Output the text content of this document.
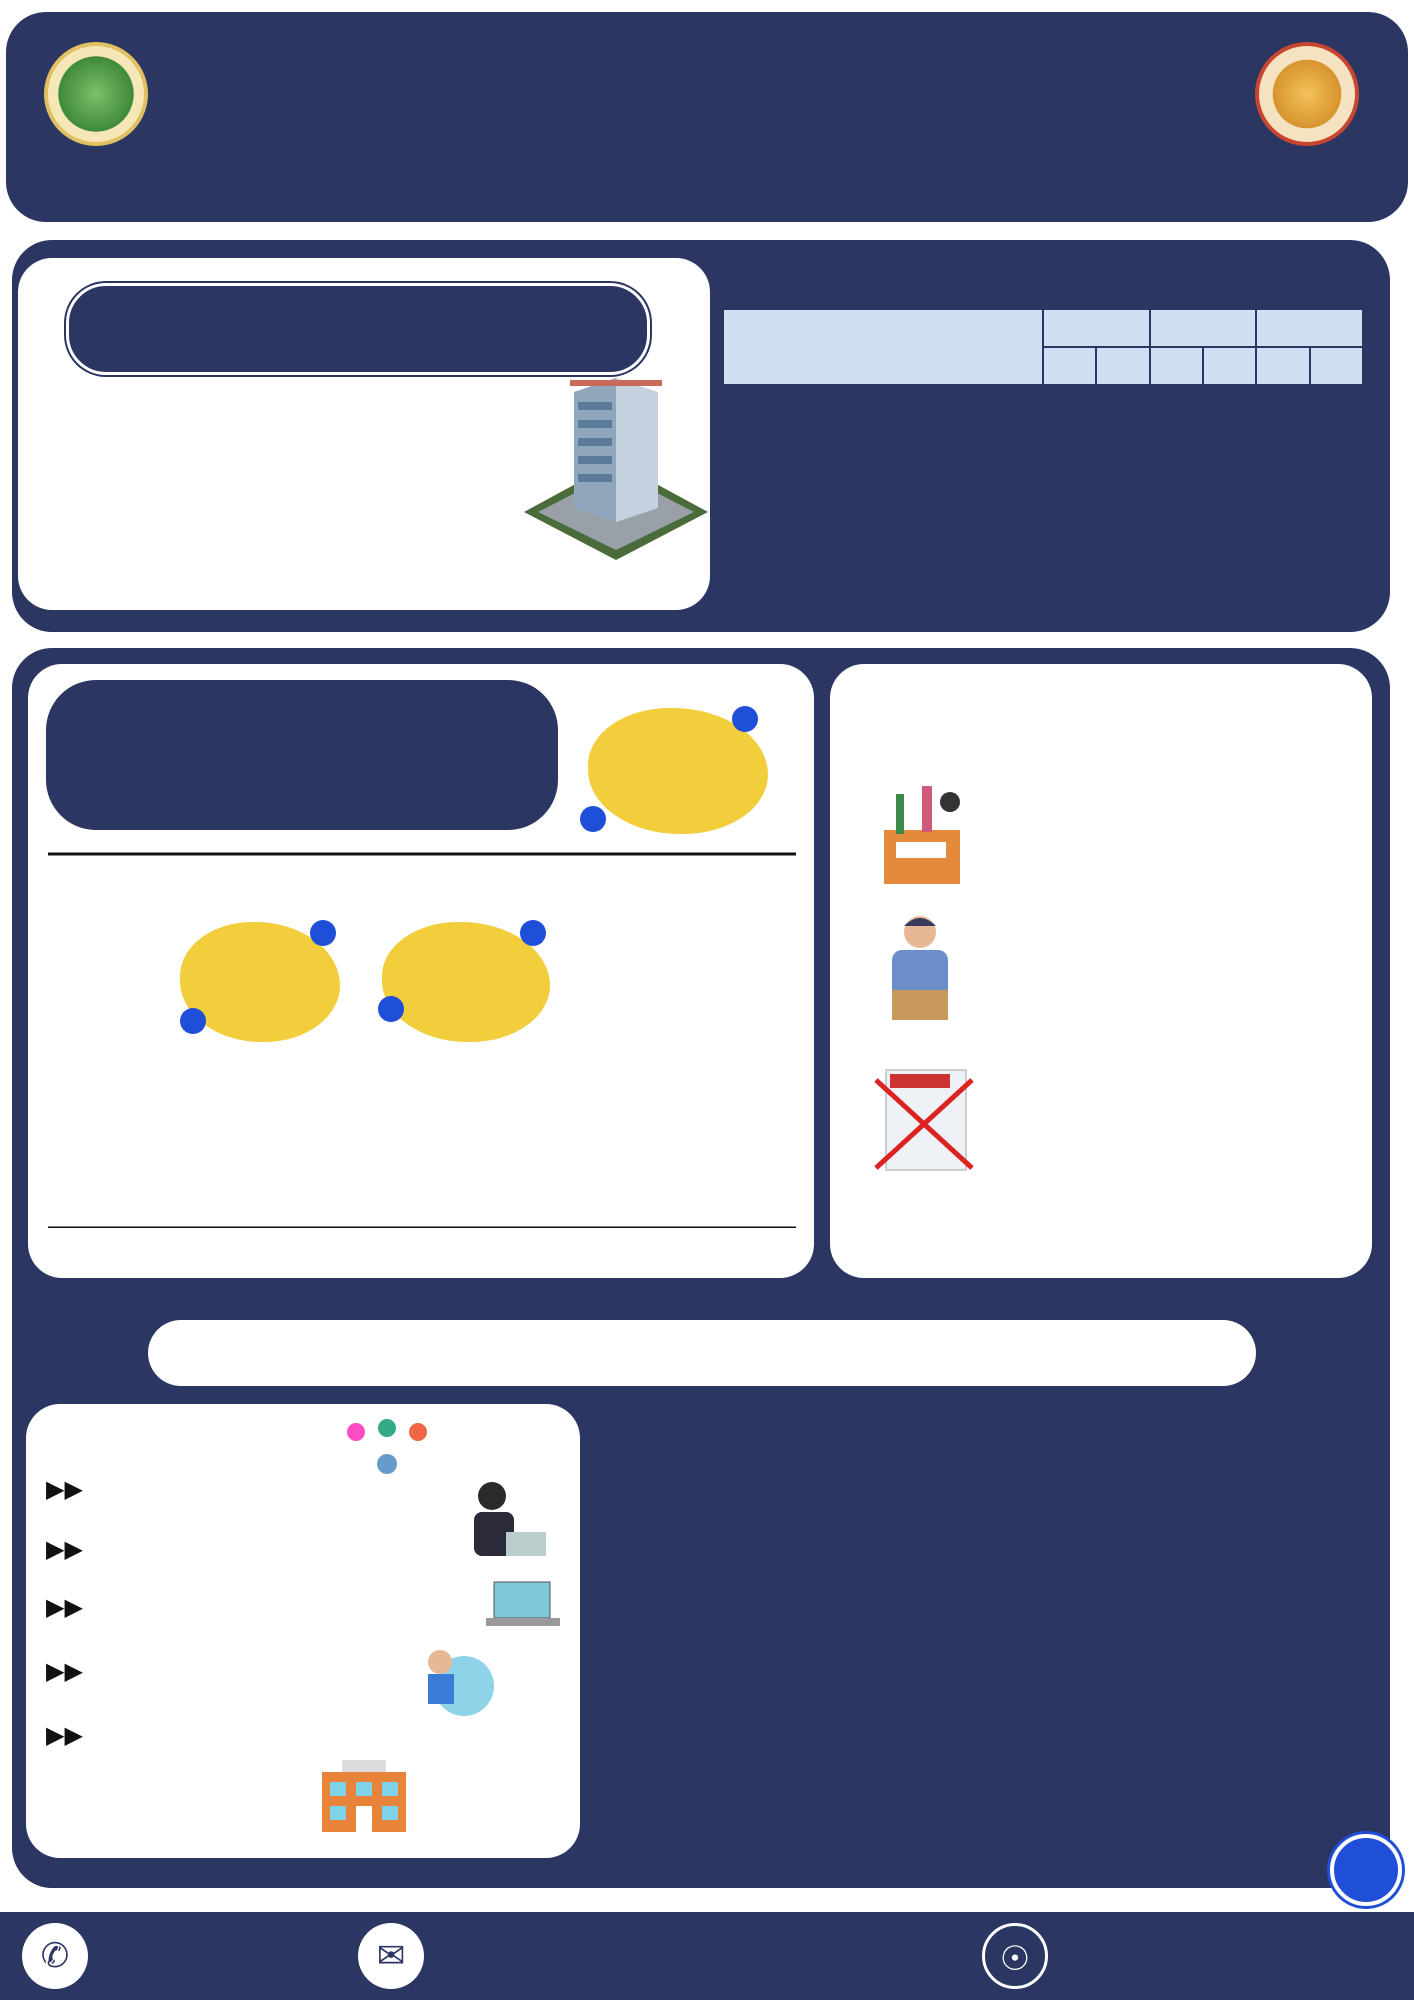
▶▶
▶▶
▶▶
▶▶
▶▶
✆	✉	☉
